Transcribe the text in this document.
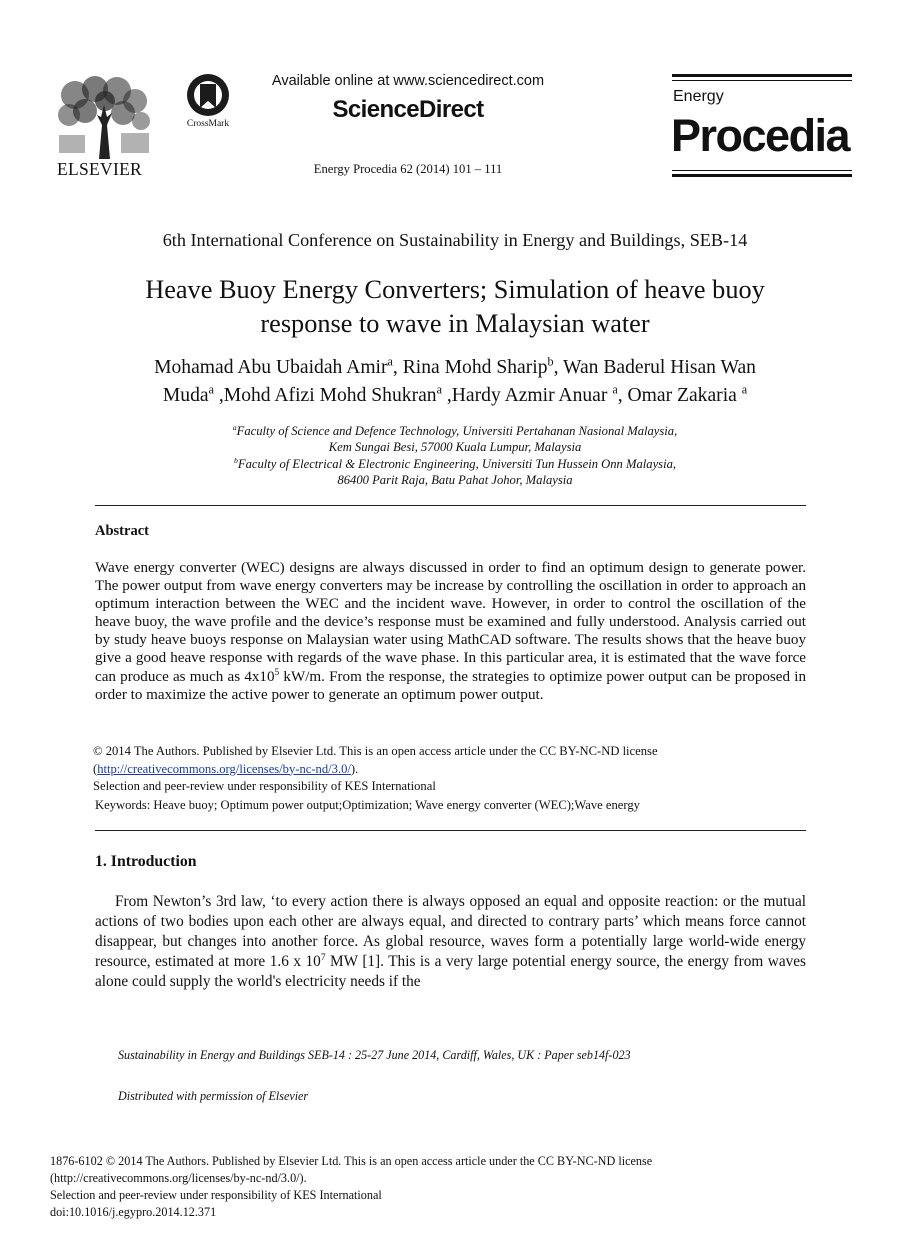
ELSEVIER
CrossMark
Available online at www.sciencedirect.com
ScienceDirect
Energy Procedia 62 (2014) 101 – 111
Energy
Procedia
6th International Conference on Sustainability in Energy and Buildings, SEB-14
Heave Buoy Energy Converters; Simulation of heave buoy
response to wave in Malaysian water
Mohamad Abu Ubaidah Amir$^a$, Rina Mohd Sharip$^b$, Wan Baderul Hisan Wan
Muda$^a$ ,Mohd Afizi Mohd Shukran$^a$ ,Hardy Azmir Anuar $^a$, Omar Zakaria $^a$
$^a$Faculty of Science and Defence Technology, Universiti Pertahanan Nasional Malaysia,
Kem Sungai Besi, 57000 Kuala Lumpur, Malaysia
$^b$Faculty of Electrical & Electronic Engineering, Universiti Tun Hussein Onn Malaysia,
86400 Parit Raja, Batu Pahat Johor, Malaysia
Abstract
Wave energy converter (WEC) designs are always discussed in order to find an optimum design to generate power. The power output from wave energy converters may be increase by controlling the oscillation in order to approach an optimum interaction between the WEC and the incident wave. However, in order to control the oscillation of the heave buoy, the wave profile and the device’s response must be examined and fully understood. Analysis carried out by study heave buoys response on Malaysian water using MathCAD software. The results shows that the heave buoy give a good heave response with regards of the wave phase. In this particular area, it is estimated that the wave force can produce as much as $4x10^5$ kW/m. From the response, the strategies to optimize power output can be proposed in order to maximize the active power to generate an optimum power output.
© 2014 The Authors. Published by Elsevier Ltd. This is an open access article under the CC BY-NC-ND license
(http://creativecommons.org/licenses/by-nc-nd/3.0/).
Selection and peer-review under responsibility of KES International
Keywords: Heave buoy; Optimum power output;Optimization; Wave energy converter (WEC);Wave energy
1. Introduction
From Newton’s 3rd law, ‘to every action there is always opposed an equal and opposite reaction: or the mutual actions of two bodies upon each other are always equal, and directed to contrary parts’ which means force cannot disappear, but changes into another force. As global resource, waves form a potentially large world-wide energy resource, estimated at more 1.6 x $10^7$ MW [1]. This is a very large potential energy source, the energy from waves alone could supply the world's electricity needs if the
Sustainability in Energy and Buildings SEB-14 : 25-27 June 2014, Cardiff, Wales, UK : Paper seb14f-023
Distributed with permission of Elsevier
1876-6102 © 2014 The Authors. Published by Elsevier Ltd. This is an open access article under the CC BY-NC-ND license
(http://creativecommons.org/licenses/by-nc-nd/3.0/).
Selection and peer-review under responsibility of KES International
doi:10.1016/j.egypro.2014.12.371
